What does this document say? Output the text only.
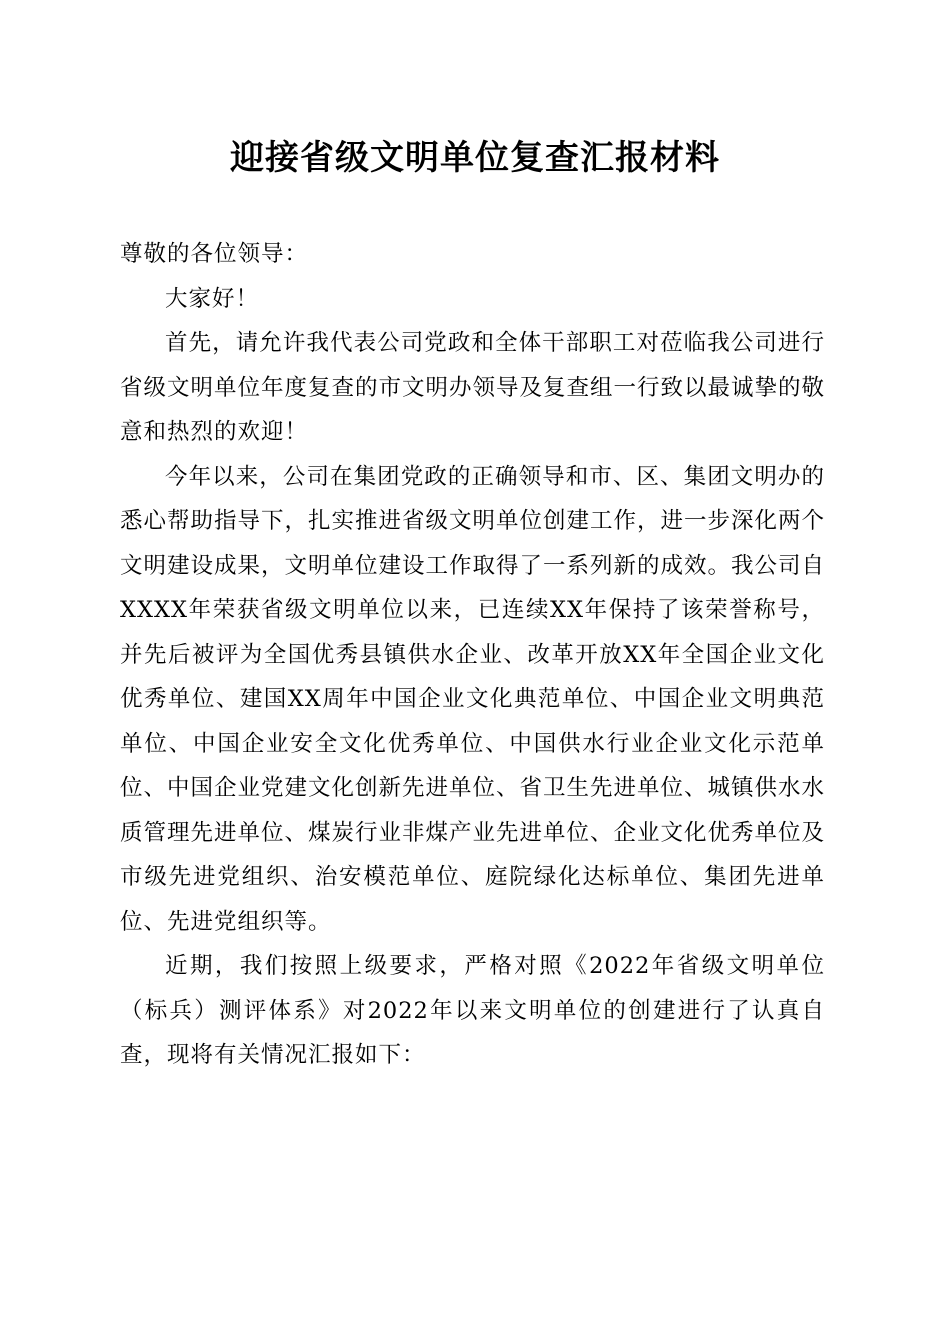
迎接省级文明单位复查汇报材料

尊敬的各位领导：

大家好！

首先，请允许我代表公司党政和全体干部职工对莅临我公司进行省级文明单位年度复查的市文明办领导及复查组一行致以最诚挚的敬意和热烈的欢迎！

今年以来，公司在集团党政的正确领导和市、区、集团文明办的悉心帮助指导下，扎实推进省级文明单位创建工作，进一步深化两个文明建设成果，文明单位建设工作取得了一系列新的成效。我公司自XXXX年荣获省级文明单位以来，已连续XX年保持了该荣誉称号，并先后被评为全国优秀县镇供水企业、改革开放XX年全国企业文化优秀单位、建国XX周年中国企业文化典范单位、中国企业文明典范单位、中国企业安全文化优秀单位、中国供水行业企业文化示范单位、中国企业党建文化创新先进单位、省卫生先进单位、城镇供水水质管理先进单位、煤炭行业非煤产业先进单位、企业文化优秀单位及市级先进党组织、治安模范单位、庭院绿化达标单位、集团先进单位、先进党组织等。

近期，我们按照上级要求，严格对照《2022年省级文明单位（标兵）测评体系》对2022年以来文明单位的创建进行了认真自查，现将有关情况汇报如下：
